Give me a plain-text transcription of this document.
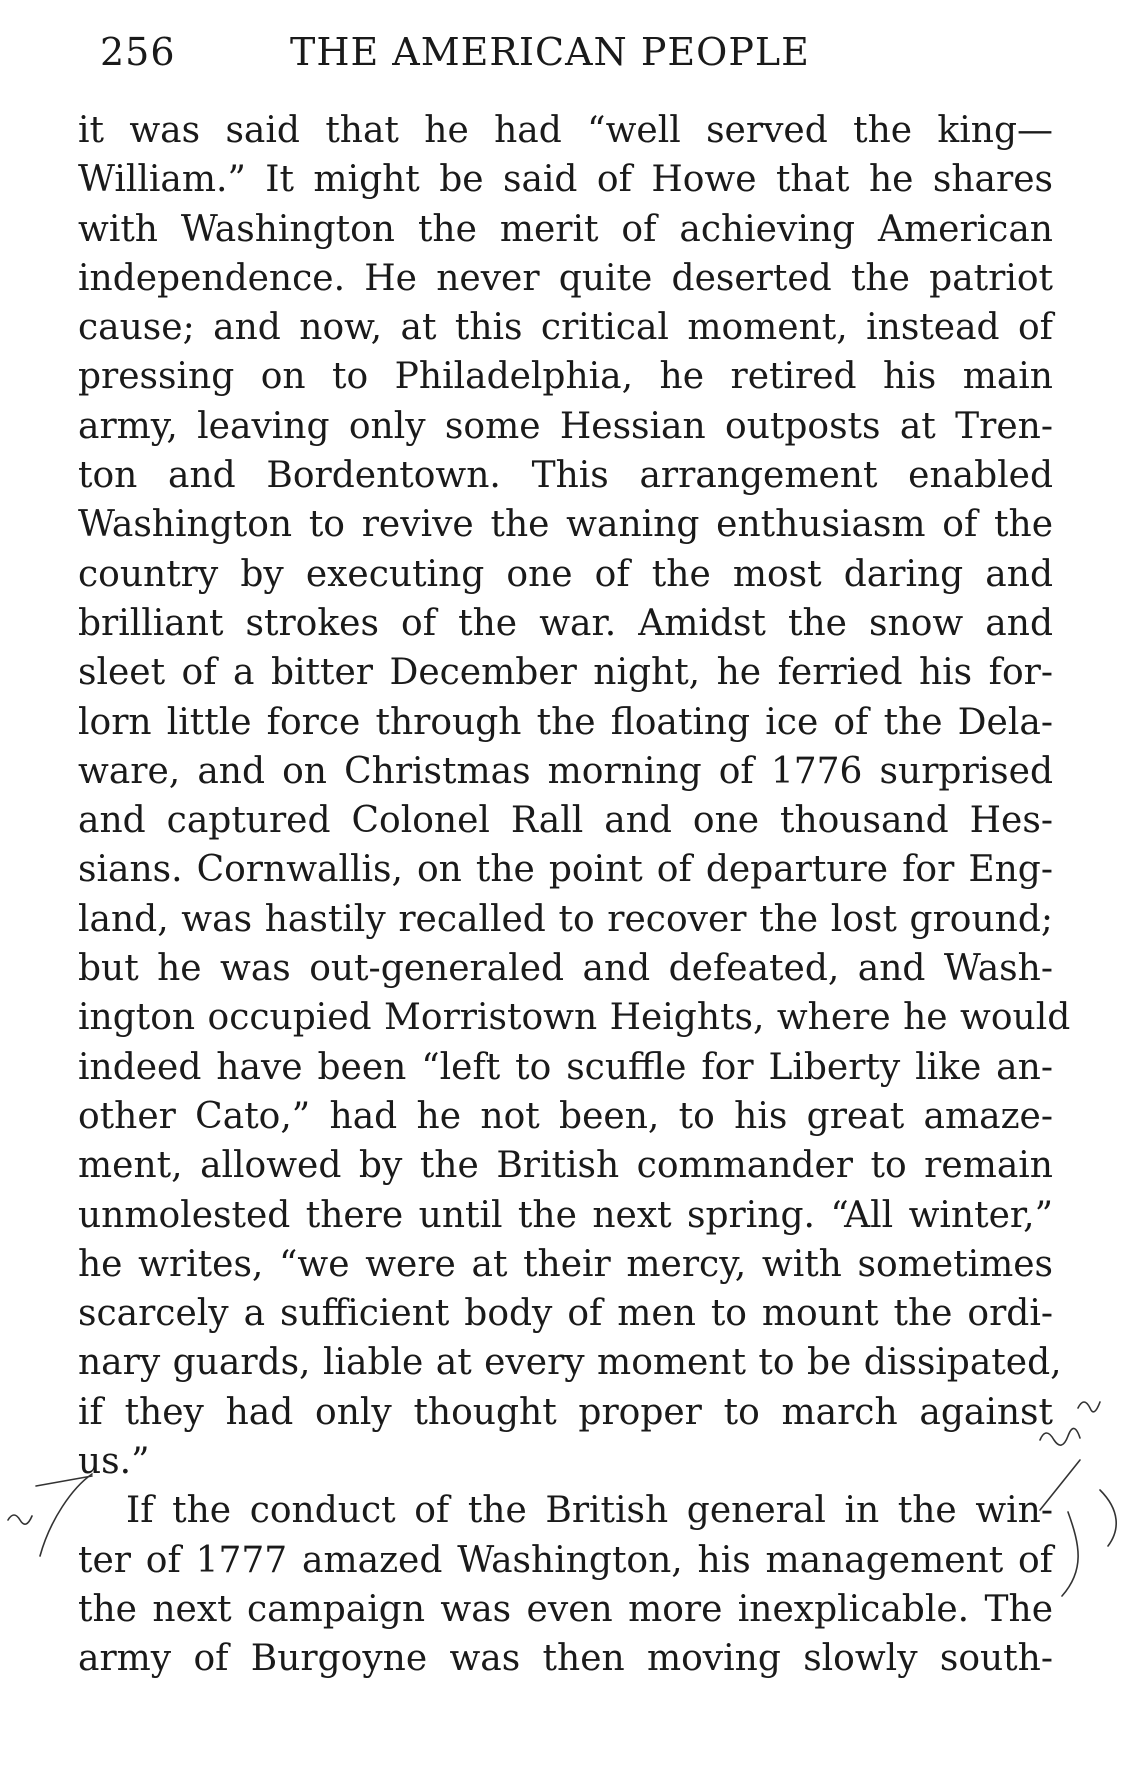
256	THE AMERICAN PEOPLE
it was said that he had “well served the king—
William.” It might be said of Howe that he shares
with Washington the merit of achieving American
independence. He never quite deserted the patriot
cause; and now, at this critical moment, instead of
pressing on to Philadelphia, he retired his main
army, leaving only some Hessian outposts at Tren-
ton and Bordentown. This arrangement enabled
Washington to revive the waning enthusiasm of the
country by executing one of the most daring and
brilliant strokes of the war. Amidst the snow and
sleet of a bitter December night, he ferried his for-
lorn little force through the floating ice of the Dela-
ware, and on Christmas morning of 1776 surprised
and captured Colonel Rall and one thousand Hes-
sians. Cornwallis, on the point of departure for Eng-
land, was hastily recalled to recover the lost ground;
but he was out-generaled and defeated, and Wash-
ington occupied Morristown Heights, where he would
indeed have been “left to scuffle for Liberty like an-
other Cato,” had he not been, to his great amaze-
ment, allowed by the British commander to remain
unmolested there until the next spring. “All winter,”
he writes, “we were at their mercy, with sometimes
scarcely a sufficient body of men to mount the ordi-
nary guards, liable at every moment to be dissipated,
if they had only thought proper to march against
us.”
If the conduct of the British general in the win-
ter of 1777 amazed Washington, his management of
the next campaign was even more inexplicable. The
army of Burgoyne was then moving slowly south-
